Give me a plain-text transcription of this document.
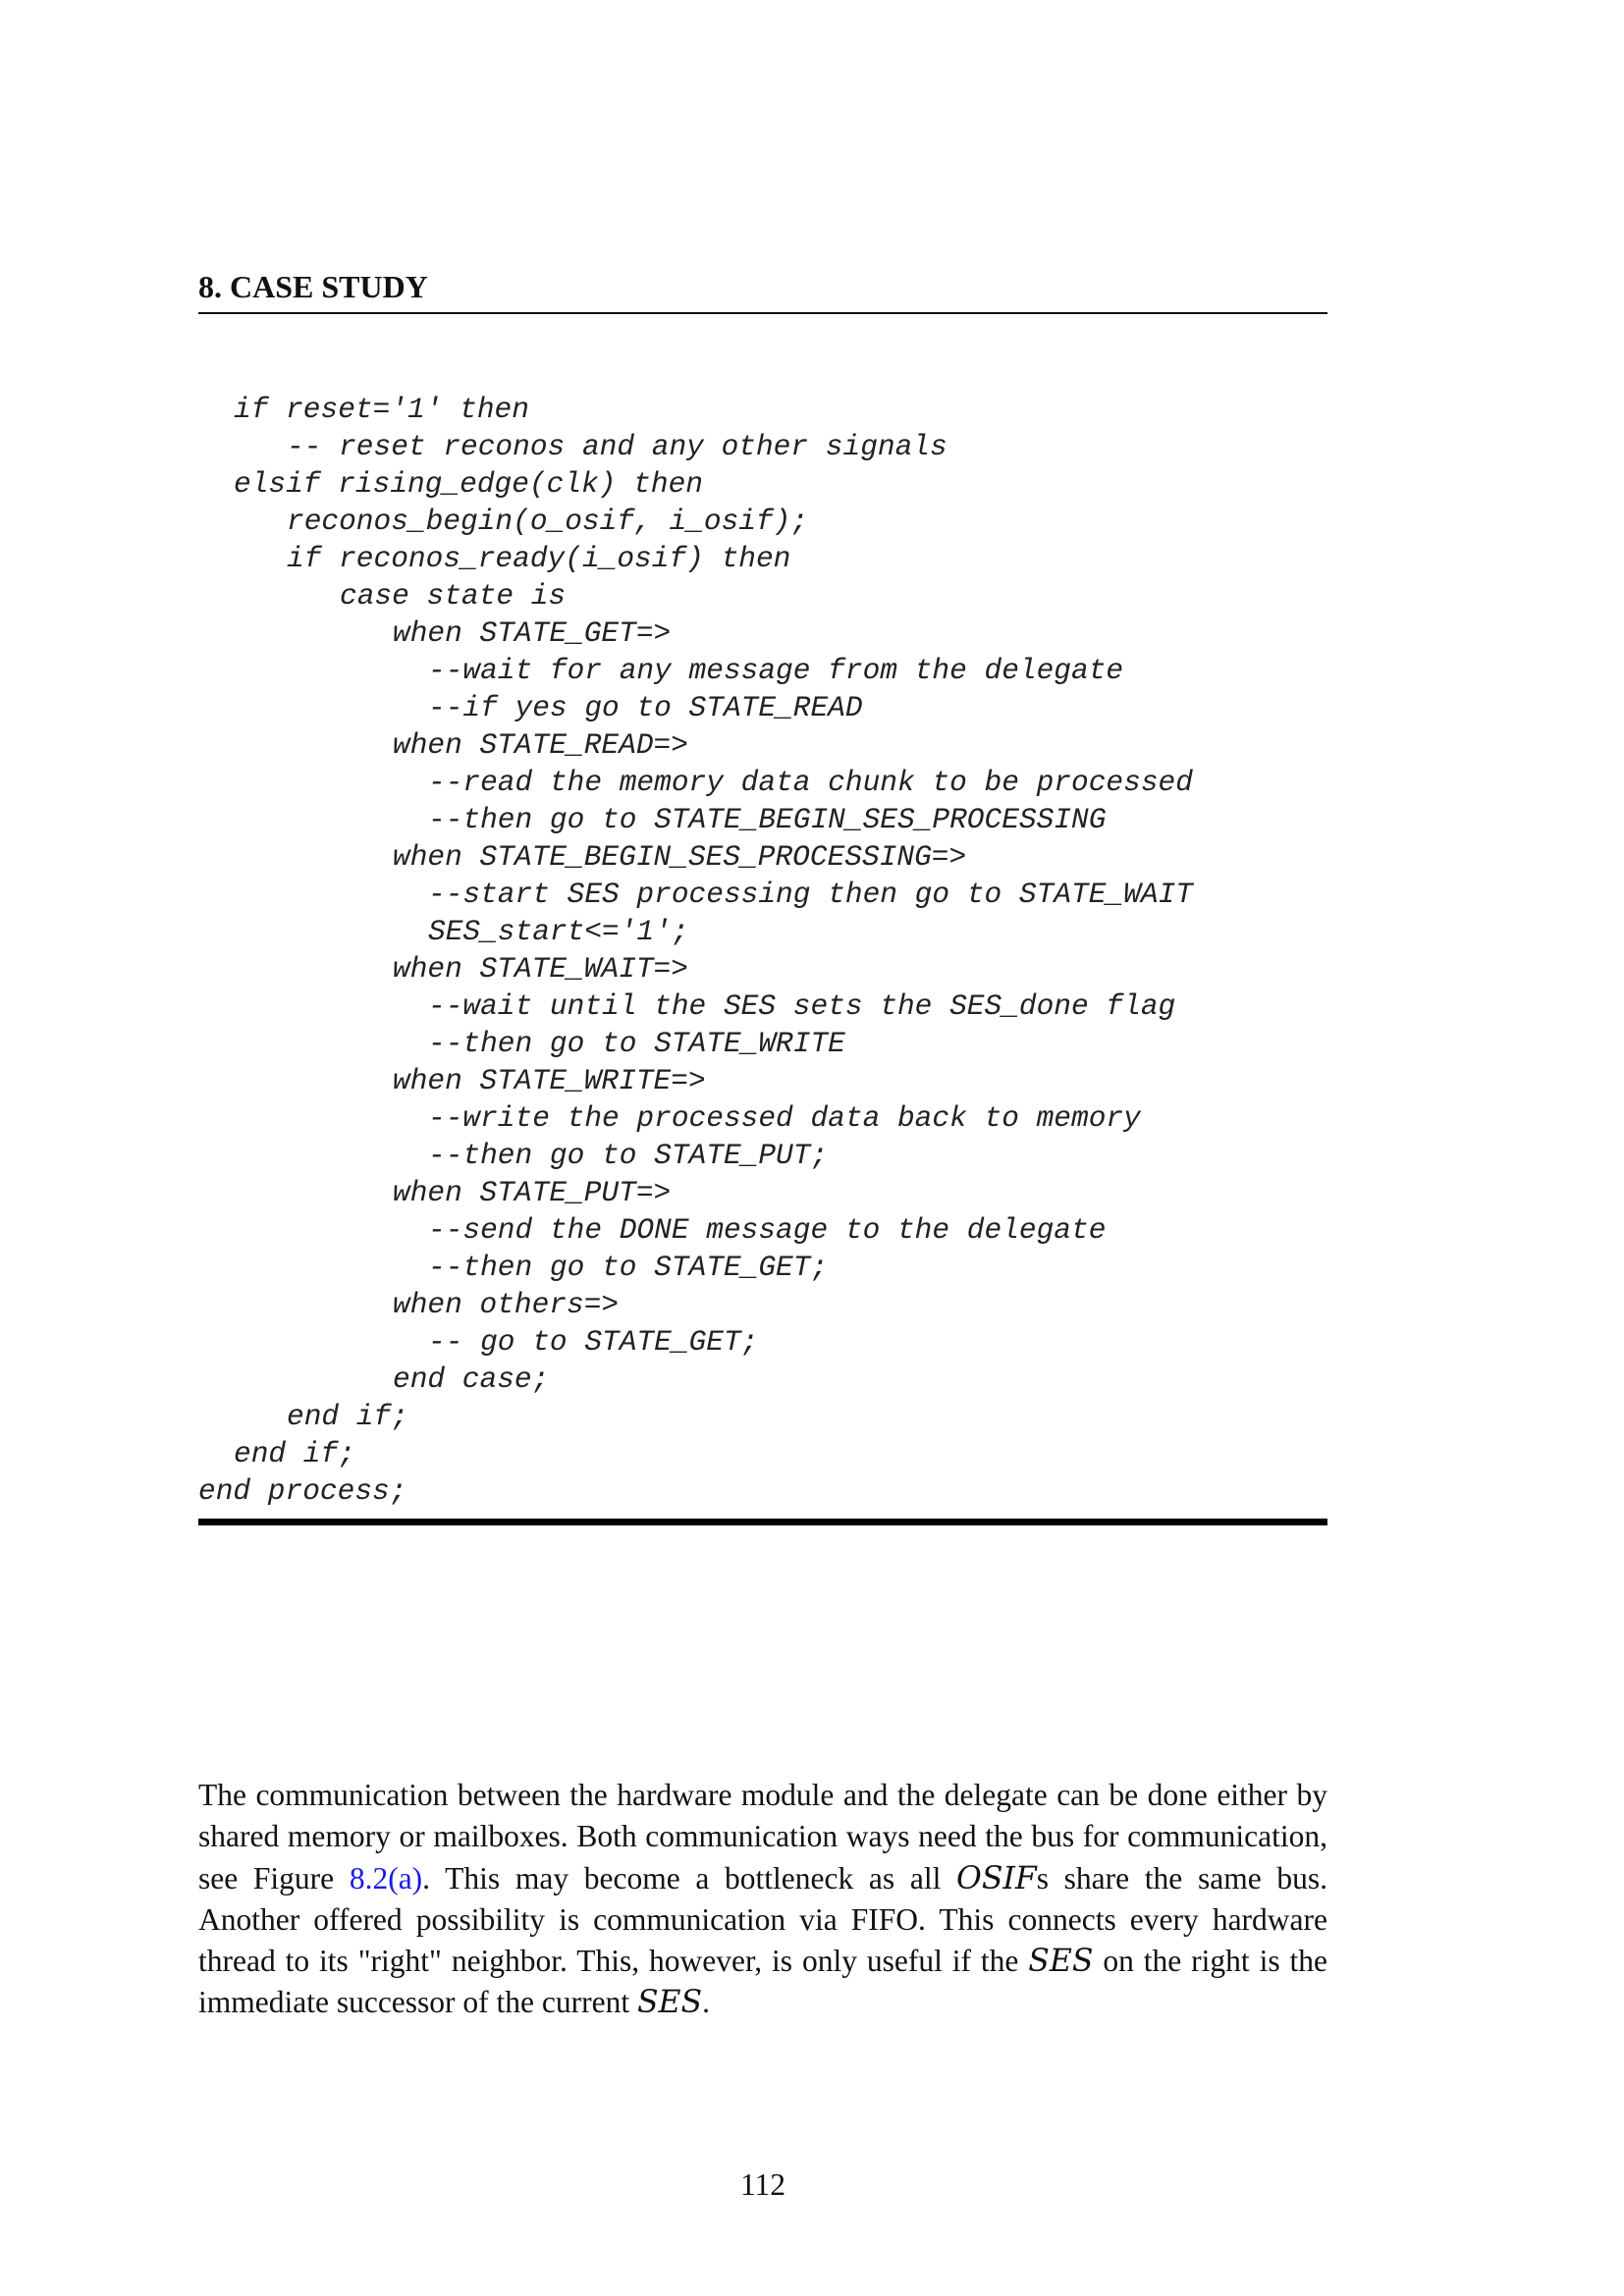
8. CASE STUDY
if reset='1' then
-- reset reconos and any other signals
elsif rising_edge(clk) then
reconos_begin(o_osif, i_osif);
if reconos_ready(i_osif) then
case state is
when STATE_GET=>
--wait for any message from the delegate
--if yes go to STATE_READ
when STATE_READ=>
--read the memory data chunk to be processed
--then go to STATE_BEGIN_SES_PROCESSING
when STATE_BEGIN_SES_PROCESSING=>
--start SES processing then go to STATE_WAIT
SES_start<='1';
when STATE_WAIT=>
--wait until the SES sets the SES_done flag
--then go to STATE_WRITE
when STATE_WRITE=>
--write the processed data back to memory
--then go to STATE_PUT;
when STATE_PUT=>
--send the DONE message to the delegate
--then go to STATE_GET;
when others=>
-- go to STATE_GET;
end case;
end if;
end if;
end process;

The communication between the hardware module and the delegate can be done either by shared memory or mailboxes. Both communication ways need the bus for communication, see Figure 8.2(a). This may become a bottleneck as all OSIFs share the same bus. Another offered possibility is communication via FIFO. This connects every hardware thread to its "right" neighbor. This, however, is only useful if the SES on the right is the immediate successor of the current SES.

112
